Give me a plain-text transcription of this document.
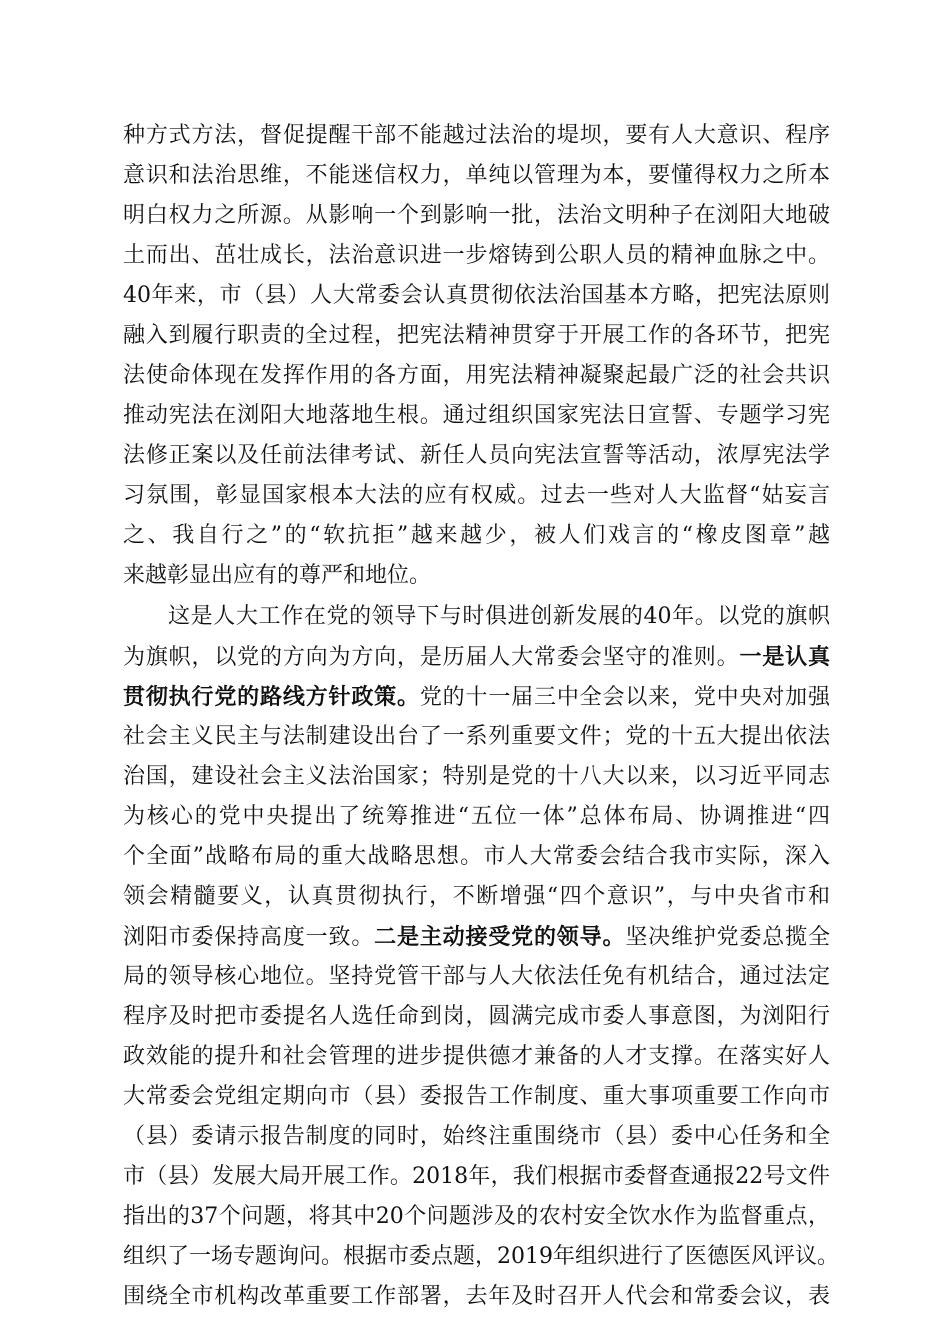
种方式方法，督促提醒干部不能越过法治的堤坝，要有人大意识、程序
意识和法治思维，不能迷信权力，单纯以管理为本，要懂得权力之所本
明白权力之所源。从影响一个到影响一批，法治文明种子在浏阳大地破
土而出、茁壮成长，法治意识进一步熔铸到公职人员的精神血脉之中。
40年来，市（县）人大常委会认真贯彻依法治国基本方略，把宪法原则
融入到履行职责的全过程，把宪法精神贯穿于开展工作的各环节，把宪
法使命体现在发挥作用的各方面，用宪法精神凝聚起最广泛的社会共识
推动宪法在浏阳大地落地生根。通过组织国家宪法日宣誓、专题学习宪
法修正案以及任前法律考试、新任人员向宪法宣誓等活动，浓厚宪法学
习氛围，彰显国家根本大法的应有权威。过去一些对人大监督“姑妄言
之、我自行之”的“软抗拒”越来越少，被人们戏言的“橡皮图章”越
来越彰显出应有的尊严和地位。
这是人大工作在党的领导下与时俱进创新发展的40年。以党的旗帜
为旗帜，以党的方向为方向，是历届人大常委会坚守的准则。一是认真
贯彻执行党的路线方针政策。党的十一届三中全会以来，党中央对加强
社会主义民主与法制建设出台了一系列重要文件；党的十五大提出依法
治国，建设社会主义法治国家；特别是党的十八大以来，以习近平同志
为核心的党中央提出了统筹推进“五位一体”总体布局、协调推进“四
个全面”战略布局的重大战略思想。市人大常委会结合我市实际，深入
领会精髓要义，认真贯彻执行，不断增强“四个意识”，与中央省市和
浏阳市委保持高度一致。二是主动接受党的领导。坚决维护党委总揽全
局的领导核心地位。坚持党管干部与人大依法任免有机结合，通过法定
程序及时把市委提名人选任命到岗，圆满完成市委人事意图，为浏阳行
政效能的提升和社会管理的进步提供德才兼备的人才支撑。在落实好人
大常委会党组定期向市（县）委报告工作制度、重大事项重要工作向市
（县）委请示报告制度的同时，始终注重围绕市（县）委中心任务和全
市（县）发展大局开展工作。2018年，我们根据市委督查通报22号文件
指出的37个问题，将其中20个问题涉及的农村安全饮水作为监督重点，
组织了一场专题询问。根据市委点题，2019年组织进行了医德医风评议。
围绕全市机构改革重要工作部署，去年及时召开人代会和常委会议，表
